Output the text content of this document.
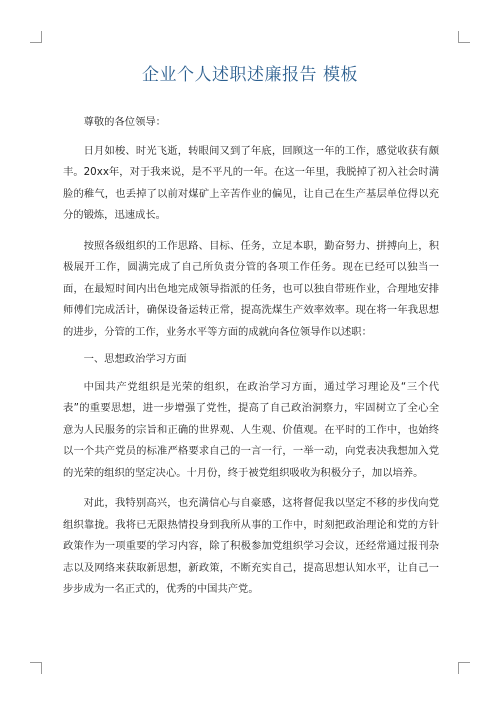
企业个人述职述廉报告 模板

尊敬的各位领导：

日月如梭、时光飞逝，转眼间又到了年底，回顾这一年的工作，感觉收获有颇丰。20xx年，对于我来说，是不平凡的一年。在这一年里，我脱掉了初入社会时满脸的稚气，也丢掉了以前对煤矿上辛苦作业的偏见，让自己在生产基层单位得以充分的锻炼，迅速成长。

按照各级组织的工作思路、目标、任务，立足本职，勤奋努力、拼搏向上，积极展开工作，圆满完成了自己所负责分管的各项工作任务。现在已经可以独当一面，在最短时间内出色地完成领导指派的任务，也可以独自带班作业，合理地安排师傅们完成活计，确保设备运转正常，提高洗煤生产效率效率。现在将一年我思想的进步，分管的工作，业务水平等方面的成就向各位领导作以述职：

一、思想政治学习方面

中国共产党组织是光荣的组织，在政治学习方面，通过学习理论及“三个代表”的重要思想，进一步增强了党性，提高了自己政治洞察力，牢固树立了全心全意为人民服务的宗旨和正确的世界观、人生观、价值观。在平时的工作中，也始终以一个共产党员的标准严格要求自己的一言一行，一举一动，向党表决我想加入党的光荣的组织的坚定决心。十月份，终于被党组织吸收为积极分子，加以培养。

对此，我特别高兴，也充满信心与自豪感，这将督促我以坚定不移的步伐向党组织靠拢。我将已无限热情投身到我所从事的工作中，时刻把政治理论和党的方针政策作为一项重要的学习内容，除了积极参加党组织学习会议，还经常通过报刊杂志以及网络来获取新思想，新政策，不断充实自己，提高思想认知水平，让自己一步步成为一名正式的，优秀的中国共产党。
